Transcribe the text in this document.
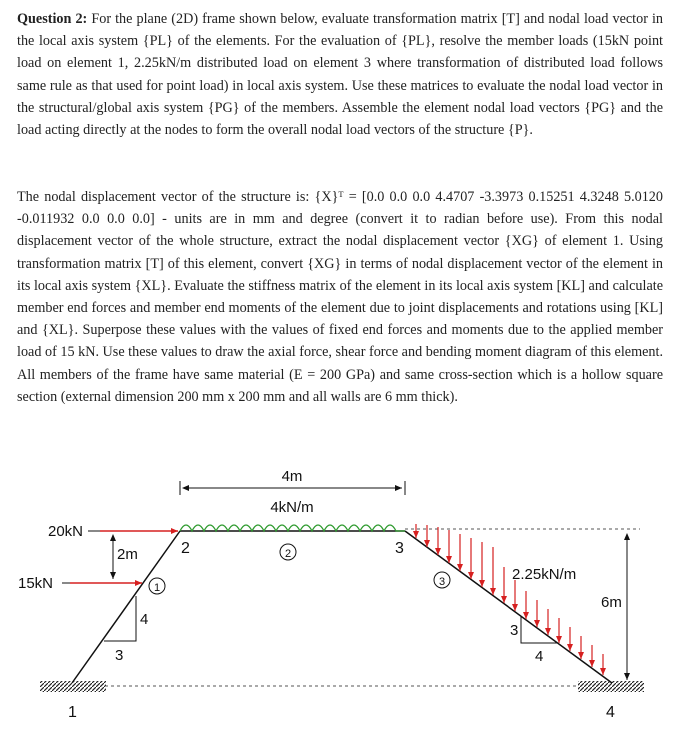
Question 2: For the plane (2D) frame shown below, evaluate transformation matrix [T] and nodal load vector in the local axis system {PL} of the elements. For the evaluation of {PL}, resolve the member loads (15kN point load on element 1, 2.25kN/m distributed load on element 3 where transformation of distributed load follows same rule as that used for point load) in local axis system. Use these matrices to evaluate the nodal load vector in the structural/global axis system {PG} of the members. Assemble the element nodal load vectors {PG} and the load acting directly at the nodes to form the overall nodal load vectors of the structure {P}.

The nodal displacement vector of the structure is: {X}ᵀ = [0.0 0.0 0.0 4.4707 -3.3973 0.15251 4.3248 5.0120 -0.011932 0.0 0.0 0.0] - units are in mm and degree (convert it to radian before use). From this nodal displacement vector of the whole structure, extract the nodal displacement vector {XG} of element 1. Using transformation matrix [T] of this element, convert {XG} in terms of nodal displacement vector of the element in its local axis system {XL}. Evaluate the stiffness matrix of the element in its local axis system [KL] and calculate member end forces and member end moments of the element due to joint displacements and rotations using [KL] and {XL}. Superpose these values with the values of fixed end forces and moments due to the applied member load of 15 kN. Use these values to draw the axial force, shear force and bending moment diagram of this element. All members of the frame have same material (E = 200 GPa) and same cross-section which is a hollow square section (external dimension 200 mm x 200 mm and all walls are 6 mm thick).

4m
4kN/m
20kN
15kN
2m
4
3
6m
2.25kN/m
3
4
1
2
3
1
2	3
4
